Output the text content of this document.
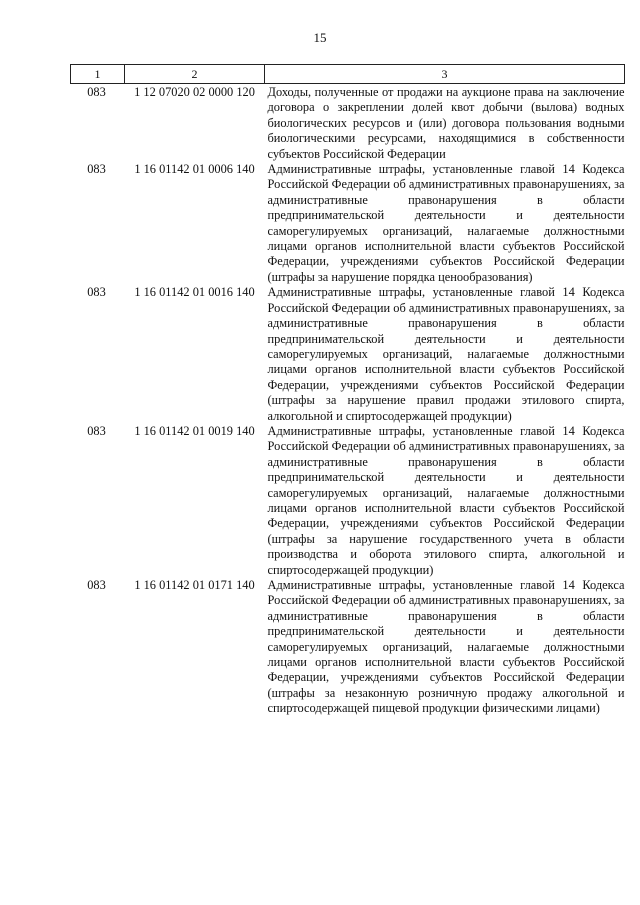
15
1	2	3
083	1 12 07020 02 0000 120	Доходы, полученные от продажи на аукционе права на заключение договора о закреплении долей квот добычи (вылова) водных биологических ресурсов и (или) договора пользования водными биологическими ресурсами, находящимися в собственности субъектов Российской Федерации
083	1 16 01142 01 0006 140	Административные штрафы, установленные главой 14 Кодекса Российской Федерации об административных правонарушениях, за административные правонарушения в области предпринимательской деятельности и деятельности саморегулируемых организаций, налагаемые должностными лицами органов исполнительной власти субъектов Российской Федерации, учреждениями субъектов Российской Федерации (штрафы за нарушение порядка ценообразования)
083	1 16 01142 01 0016 140	Административные штрафы, установленные главой 14 Кодекса Российской Федерации об административных правонарушениях, за административные правонарушения в области предпринимательской деятельности и деятельности саморегулируемых организаций, налагаемые должностными лицами органов исполнительной власти субъектов Российской Федерации, учреждениями субъектов Российской Федерации (штрафы за нарушение правил продажи этилового спирта, алкогольной и спиртосодержащей продукции)
083	1 16 01142 01 0019 140	Административные штрафы, установленные главой 14 Кодекса Российской Федерации об административных правонарушениях, за административные правонарушения в области предпринимательской деятельности и деятельности саморегулируемых организаций, налагаемые должностными лицами органов исполнительной власти субъектов Российской Федерации, учреждениями субъектов Российской Федерации (штрафы за нарушение государственного учета в области производства и оборота этилового спирта, алкогольной и спиртосодержащей продукции)
083	1 16 01142 01 0171 140	Административные штрафы, установленные главой 14 Кодекса Российской Федерации об административных правонарушениях, за административные правонарушения в области предпринимательской деятельности и деятельности саморегулируемых организаций, налагаемые должностными лицами органов исполнительной власти субъектов Российской Федерации, учреждениями субъектов Российской Федерации (штрафы за незаконную розничную продажу алкогольной и спиртосодержащей пищевой продукции физическими лицами)
